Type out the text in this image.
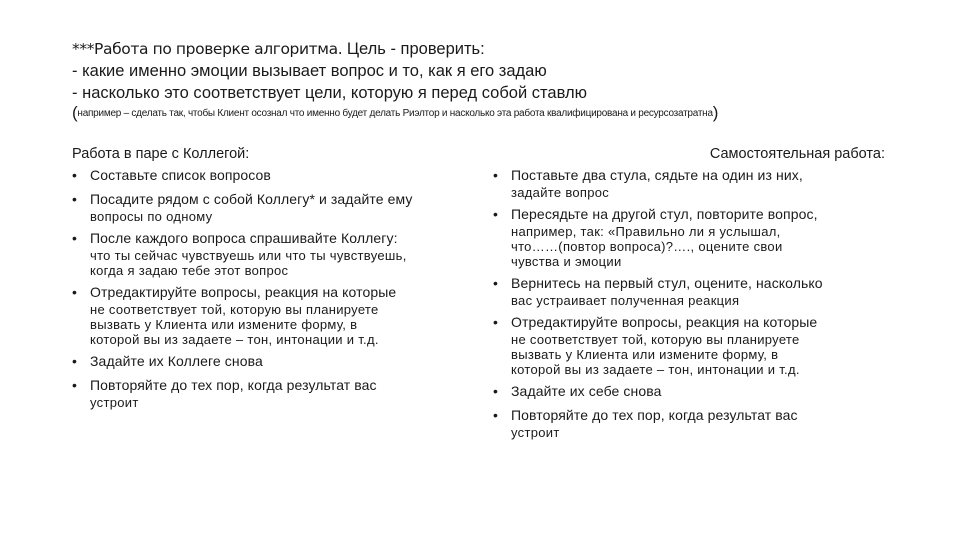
***Работа по проверке алгоритма. Цель - проверить:
- какие именно эмоции вызывает вопрос и то, как я его задаю
- насколько это соответствует цели, которую я перед собой ставлю
(например – сделать так, чтобы Клиент осознал что именно будет делать Риэлтор и насколько эта работа квалифицирована и ресурсозатратна)
Работа в паре с Коллегой:
• Составьте список вопросов
• Посадите рядом с собой Коллегу* и задайте ему
вопросы по одному
• После каждого вопроса спрашивайте Коллегу:
что ты сейчас чувствуешь или что ты чувствуешь,
когда я задаю тебе этот вопрос
• Отредактируйте вопросы, реакция на которые
не соответствует той, которую вы планируете
вызвать у Клиента или измените форму, в
которой вы из задаете – тон, интонации и т.д.
• Задайте их Коллеге снова
• Повторяйте до тех пор, когда результат вас
устроит
Самостоятельная работа:
• Поставьте два стула, сядьте на один из них,
задайте вопрос
• Пересядьте на другой стул, повторите вопрос,
например, так: «Правильно ли я услышал,
что……(повтор вопроса)?…., оцените свои
чувства и эмоции
• Вернитесь на первый стул, оцените, насколько
вас устраивает полученная реакция
• Отредактируйте вопросы, реакция на которые
не соответствует той, которую вы планируете
вызвать у Клиента или измените форму, в
которой вы из задаете – тон, интонации и т.д.
• Задайте их себе снова
• Повторяйте до тех пор, когда результат вас
устроит
